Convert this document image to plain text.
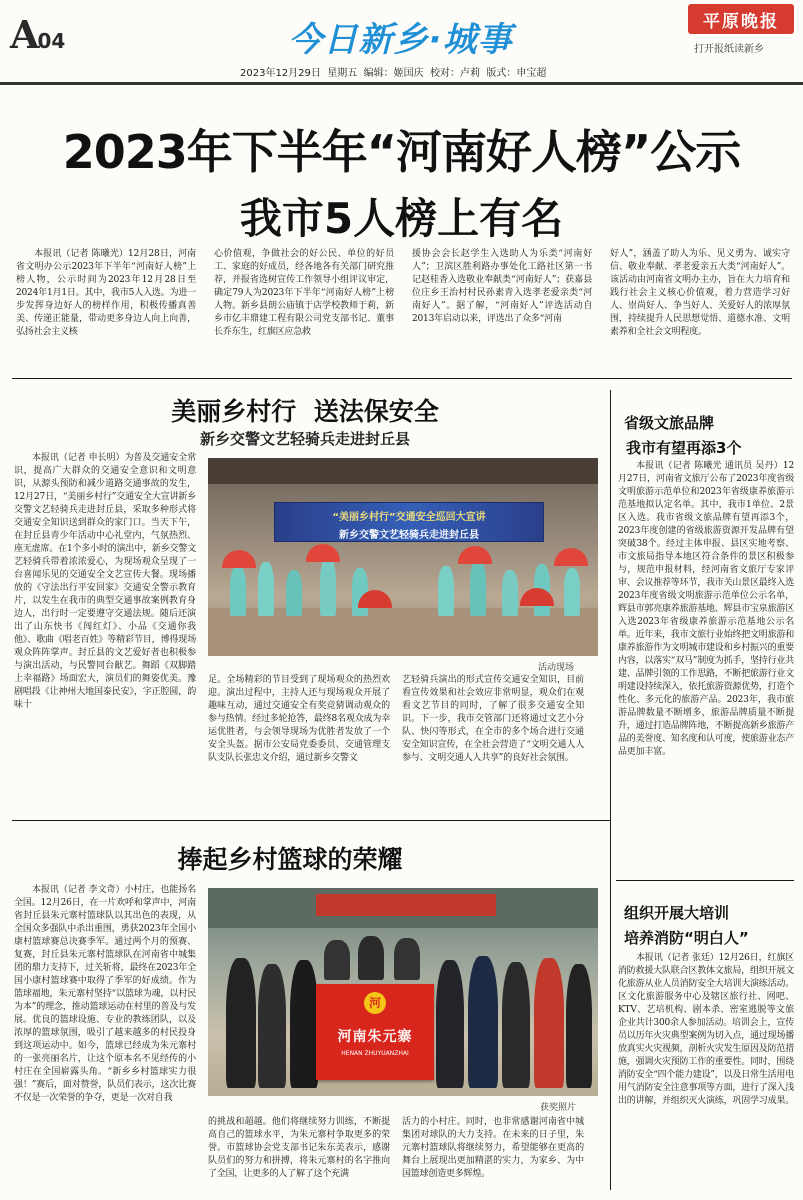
A04	今日新乡·城事	平原晚报
打开报纸读新乡
2023年12月29日  星期五  编辑：姬国庆  校对：卢莉  版式：申宝超
2023年下半年“河南好人榜”公示
我市5人榜上有名

本报讯（记者 陈曦光）12月28日，河南省文明办公示2023年下半年“河南好人榜”上榜人物，公示时间为2023年12月28日至2024年1月1日。其中，我市5人入选。为进一步发挥身边好人的榜样作用，积极传播真善美、传递正能量，带动更多身边人向上向善，弘扬社会主义核

心价值观，争做社会的好公民、单位的好员工、家庭的好成员，经各地各有关部门研究推荐，并报省选树宣传工作领导小组评议审定，确定79人为2023年下半年“河南好人榜”上榜人物。新乡县朗公庙镇于店学校教师于莉，新乡市亿丰鼎建工程有限公司党支部书记、董事长乔东生，红旗区应急救

援协会会长赵学生入选助人为乐类“河南好人”；卫滨区胜利路办事处化工路社区第一书记赵桂香入选敬业奉献类“河南好人”；获嘉县位庄乡王治村村民孙素青入选孝老爱亲类“河南好人”。据了解，“河南好人”评选活动自2013年启动以来，评选出了众多“河南

好人”，涵盖了助人为乐、见义勇为、诚实守信、敬业奉献、孝老爱亲五大类“河南好人”。该活动由河南省文明办主办，旨在大力培育和践行社会主义核心价值观，着力营造学习好人、崇尚好人、争当好人、关爱好人的浓厚氛围，持续提升人民思想觉悟、道德水准、文明素养和全社会文明程度。

美丽乡村行  送法保安全
新乡交警文艺轻骑兵走进封丘县

本报讯（记者 申长明）为普及交通安全常识，提高广大群众的交通安全意识和文明意识，从源头预防和减少道路交通事故的发生，12月27日，“美丽乡村行”交通安全大宣讲新乡交警文艺轻骑兵走进封丘县，采取多种形式将交通安全知识送到群众的家门口。当天下午，在封丘县青少年活动中心礼堂内，气氛热烈、座无虚席。在1个多小时的演出中，新乡交警文艺轻骑兵带着浓浓爱心，为现场观众呈现了一台喜闻乐见的交通安全文艺宣传大餐。现场播放的《守法出行平安回家》交通安全警示教育片，以发生在我市的典型交通事故案例教育身边人，出行时一定要遵守交通法规。随后还演出了山东快书《闯红灯》、小品《交通你我他》、歌曲《唱老百姓》等精彩节目，博得现场观众阵阵掌声。封丘县的文艺爱好者也积极参与演出活动，与民警同台献艺。舞蹈《双脚踏上幸福路》场面宏大，演员们的舞姿优美。豫剧唱段《让神州大地国泰民安》，字正腔圆，韵味十

“美丽乡村行”交通安全巡回大宣讲
新乡交警文艺轻骑兵走进封丘县
活动现场

足。全场精彩的节目受到了现场观众的热烈欢迎。演出过程中，主持人还与现场观众开展了趣味互动，通过交通安全有奖竞猜调动观众的参与热情。经过多轮抢答，最终8名观众成为幸运优胜者，与会领导现场为优胜者发放了一个安全头盔。据市公安局党委委员、交通管理支队支队长张忠文介绍，通过新乡交警文

艺轻骑兵演出的形式宣传交通安全知识，目前看宣传效果和社会效应非常明显，观众们在观看文艺节目的同时，了解了很多交通安全知识。下一步，我市交管部门还将通过文艺小分队、快闪等形式，在全市的多个场合进行交通安全知识宣传，在全社会营造了“文明交通人人参与、文明交通人人共享”的良好社会氛围。

省级文旅品牌
我市有望再添3个

本报讯（记者 陈曦光 通讯员 吴丹）12月27日，河南省文旅厅公布了2023年度省级文明旅游示范单位和2023年省级康养旅游示范基地拟认定名单。其中，我市1单位、2景区入选。我市省级文旅品牌有望再添3个，2023年度创建的省级旅游资源开发品牌有望突破38个。经过主体申报、县区实地考察、市文旅局指导本地区符合条件的景区积极参与，规范申报材料，经河南省文旅厅专家评审、会议推荐等环节，我市关山景区最终入选2023年度省级文明旅游示范单位公示名单，辉县市郭亮康养旅游基地、辉县市宝泉旅游区入选2023年省级康养旅游示范基地公示名单。近年来，我市文旅行业始终把文明旅游和康养旅游作为文明城市建设和乡村振兴的重要内容，以落实“双马”制度为抓手，坚持行业共建、品牌引领的工作思路，不断把旅游行业文明建设持续深入，依托旅游资源优势，打造个性化、多元化的旅游产品。2023年，我市旅游品牌数量不断增多，旅游品牌质量不断提升，通过打造品牌阵地，不断提高新乡旅游产品的美誉度、知名度和认可度，使旅游业态产品更加丰富。

捧起乡村篮球的荣耀

本报讯（记者 李文奇）小村庄，也能扬名全国。12月26日，在一片欢呼和掌声中，河南省封丘县朱元寨村篮球队以其出色的表现，从全国众多强队中杀出重围，勇获2023年全国小康村篮球赛总决赛季军。通过两个月的预赛、复赛，封丘县朱元寨村篮球队在河南省中城集团的鼎力支持下，过关斩将，最终在2023年全国小康村篮球赛中取得了季军的好成绩。作为篮球福地，朱元寨村坚持“以篮球为魂，以村民为本”的理念，推动篮球运动在村里的普及与发展。优良的篮球设施、专业的教练团队，以及浓厚的篮球氛围，吸引了越来越多的村民投身到这项运动中。如今，篮球已经成为朱元寨村的一张亮丽名片，让这个原本名不见经传的小村庄在全国崭露头角。“新乡乡村篮球实力很强！”赛后，面对赞誉，队员们表示，这次比赛不仅是一次荣誉的争夺，更是一次对自我

河
河南朱元寨
HENAN ZHUYUANZHAI
获奖照片

的挑战和超越。他们将继续努力训练，不断提高自己的篮球水平，为朱元寨村争取更多的荣誉。市篮球协会党支部书记朱东美表示，感谢队员们的努力和拼搏，将朱元寨村的名字推向了全国，让更多的人了解了这个充满

活力的小村庄。同时，也非常感谢河南省中城集团对球队的大力支持。在未来的日子里，朱元寨村篮球队将继续努力，希望能够在更高的舞台上展现出更加精湛的实力，为家乡、为中国篮球创造更多辉煌。

组织开展大培训
培养消防“明白人”

本报讯（记者 张廷）12月26日，红旗区消防救援大队联合区教体文旅局，组织开展文化旅游从业人员消防安全大培训大演练活动。区文化旅游服务中心及辖区旅行社、网吧、KTV、艺培机构、剧本杀、密室逃脱等文旅企业共计300余人参加活动。培训会上，宣传员以历年火灾典型案例为切入点，通过现场播放真实火灾视频，剖析火灾发生原因及防范措施，强调火灾预防工作的重要性。同时，围绕消防安全“四个能力建设”，以及日常生活用电用气消防安全注意事项等方面，进行了深入浅出的讲解，并组织灭火演练，巩固学习成果。
